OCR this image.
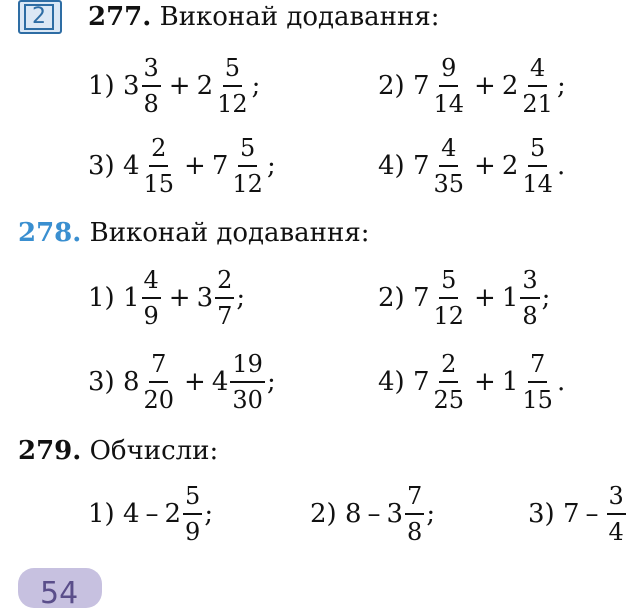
2	277. Виконай додавання:
1)
$3 \frac{3}{8} + 2 \frac{5}{12}$ ;	2)
$7 \frac{9}{14} + 2 \frac{4}{21}$ ;
3)
$4 \frac{2}{15} + 7 \frac{5}{12}$ ;	4)
$7 \frac{4}{35} + 2 \frac{5}{14}$ .
278. Виконай додавання:
1)
$1 \frac{4}{9} + 3 \frac{2}{7}$ ;	2)
$7 \frac{5}{12} + 1 \frac{3}{8}$ ;
3)
$8 \frac{7}{20} + 4 \frac{19}{30}$ ;	4)
$7 \frac{2}{25} + 1 \frac{7}{15}$ .
279. Обчисли:
1)
$4 - 2 \frac{5}{9}$ ;	2)
$8 - 3 \frac{7}{8}$ ;	3)
$7 - \frac{3}{4}$
54
